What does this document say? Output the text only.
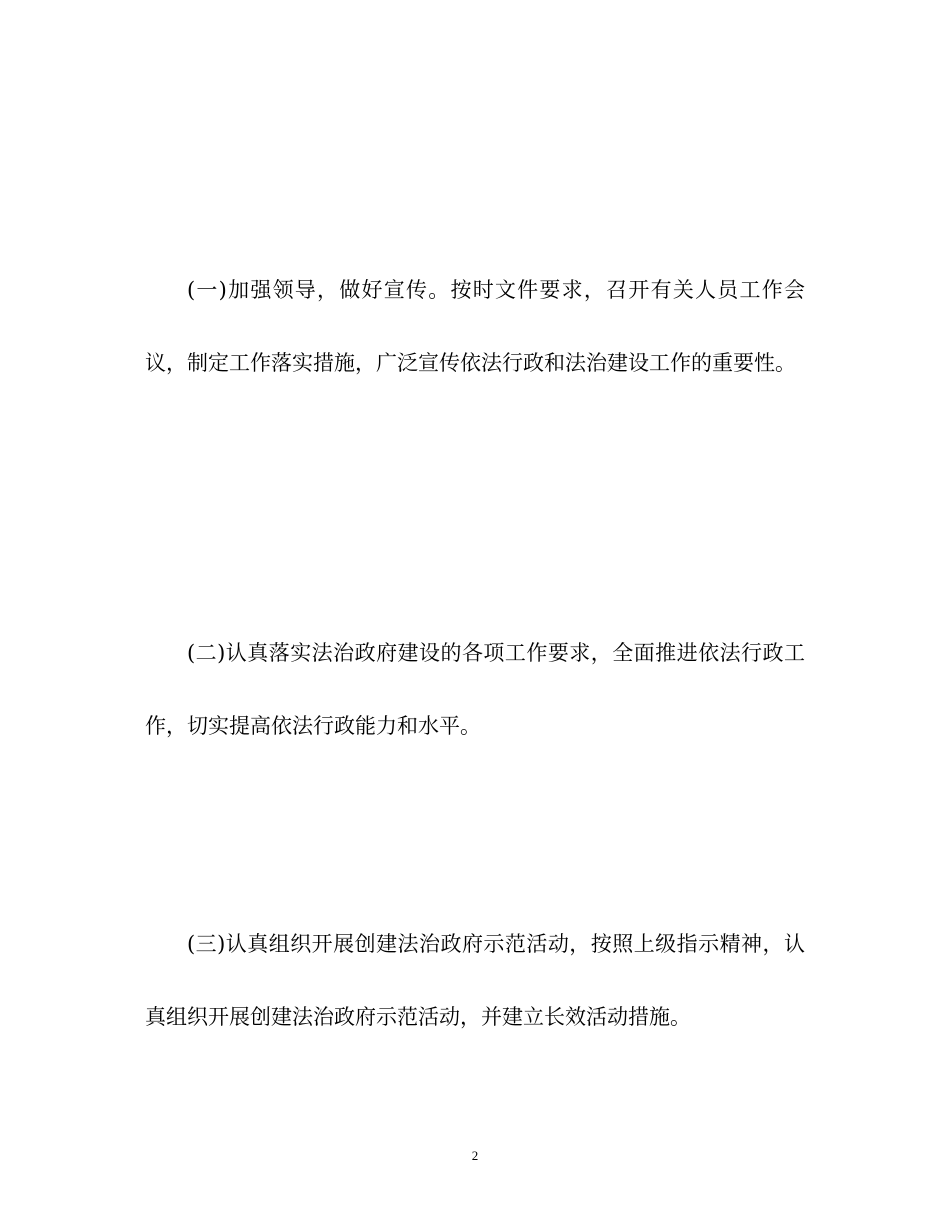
(一)加强领导，做好宣传。按时文件要求，召开有关人员工作会议，制定工作落实措施，广泛宣传依法行政和法治建设工作的重要性。

(二)认真落实法治政府建设的各项工作要求，全面推进依法行政工作，切实提高依法行政能力和水平。

(三)认真组织开展创建法治政府示范活动，按照上级指示精神，认真组织开展创建法治政府示范活动，并建立长效活动措施。

2
